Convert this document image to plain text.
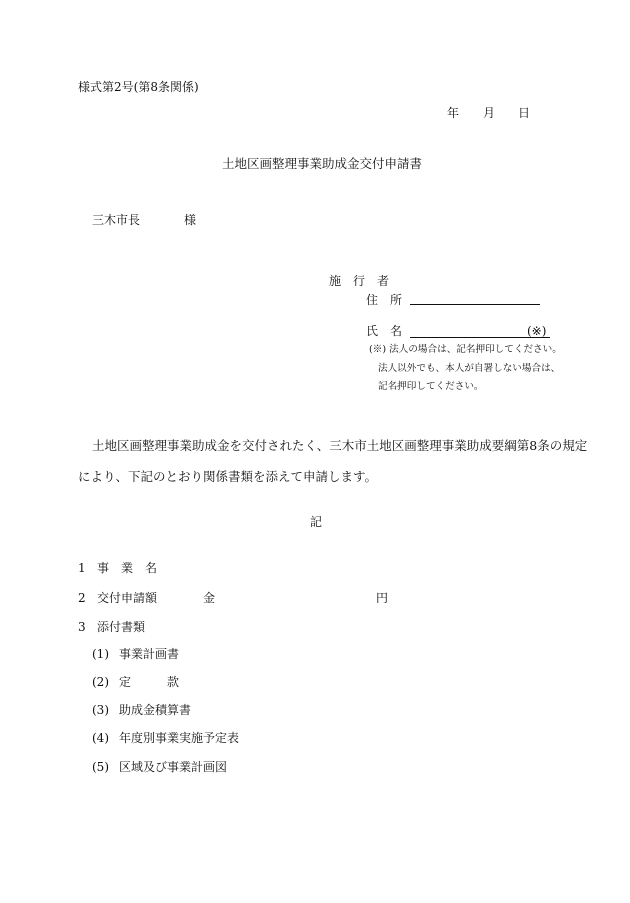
様式第2号(第8条関係)

年 月 日

土地区画整理事業助成金交付申請書

三木市長	様

施　行　者

住　所

氏　名	(※)

(※) 法人の場合は、記名押印してください。

法人以外でも、本人が自署しない場合は、

記名押印してください。

土地区画整理事業助成金を交付されたく、三木市土地区画整理事業助成要綱第8条の規定

により、下記のとおり関係書類を添えて申請します。

記

1 事　業　名

2 交付申請額	金	円

3 添付書類

(1) 事業計画書

(2) 定　　　款

(3) 助成金積算書

(4) 年度別事業実施予定表

(5) 区域及び事業計画図
